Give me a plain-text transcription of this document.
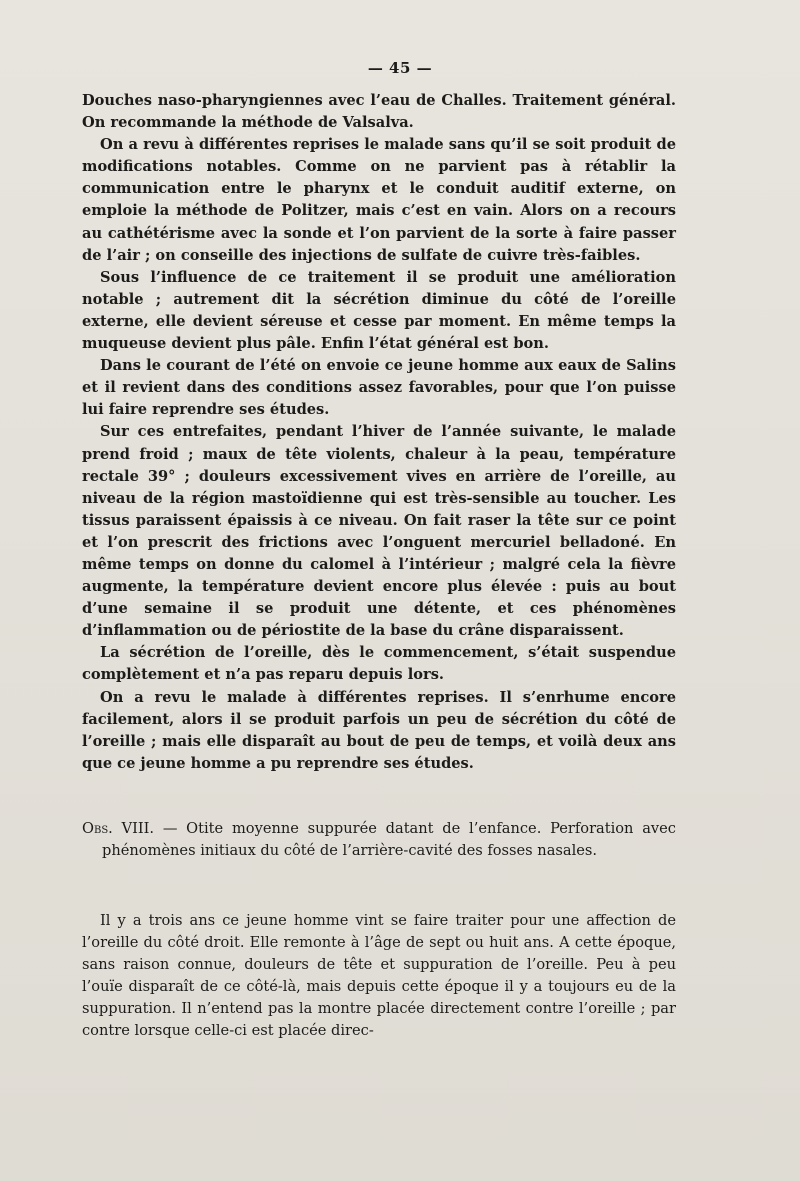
— 45 —

Douches naso-pharyngiennes avec l’eau de Challes. Traitement général. On recommande la méthode de Valsalva.

On a revu à différentes reprises le malade sans qu’il se soit produit de modifications notables. Comme on ne parvient pas à rétablir la communication entre le pharynx et le conduit auditif externe, on emploie la méthode de Politzer, mais c’est en vain. Alors on a recours au cathétérisme avec la sonde et l’on parvient de la sorte à faire passer de l’air ; on conseille des injections de sulfate de cuivre très-faibles.

Sous l’influence de ce traitement il se produit une amélioration notable ; autrement dit la sécrétion diminue du côté de l’oreille externe, elle devient séreuse et cesse par moment. En même temps la muqueuse devient plus pâle. Enfin l’état général est bon.

Dans le courant de l’été on envoie ce jeune homme aux eaux de Salins et il revient dans des conditions assez favorables, pour que l’on puisse lui faire reprendre ses études.

Sur ces entrefaites, pendant l’hiver de l’année suivante, le malade prend froid ; maux de tête violents, chaleur à la peau, température rectale 39° ; douleurs excessivement vives en arrière de l’oreille, au niveau de la région mastoïdienne qui est très-sensible au toucher. Les tissus paraissent épaissis à ce niveau. On fait raser la tête sur ce point et l’on prescrit des frictions avec l’onguent mercuriel belladoné. En même temps on donne du calomel à l’intérieur ; malgré cela la fièvre augmente, la température devient encore plus élevée : puis au bout d’une semaine il se produit une détente, et ces phénomènes d’inflammation ou de périostite de la base du crâne disparaissent.

La sécrétion de l’oreille, dès le commencement, s’était suspendue complètement et n’a pas reparu depuis lors.

On a revu le malade à différentes reprises. Il s’enrhume encore facilement, alors il se produit parfois un peu de sécrétion du côté de l’oreille ; mais elle disparaît au bout de peu de temps, et voilà deux ans que ce jeune homme a pu reprendre ses études.

Obs. VIII. — Otite moyenne suppurée datant de l’enfance. Perforation avec phénomènes initiaux du côté de l’arrière-cavité des fosses nasales.

Il y a trois ans ce jeune homme vint se faire traiter pour une affection de l’oreille du côté droit. Elle remonte à l’âge de sept ou huit ans. A cette époque, sans raison connue, douleurs de tête et suppuration de l’oreille. Peu à peu l’ouïe disparaît de ce côté-là, mais depuis cette époque il y a toujours eu de la suppuration. Il n’entend pas la montre placée directement contre l’oreille ; par contre lorsque celle-ci est placée direc-
